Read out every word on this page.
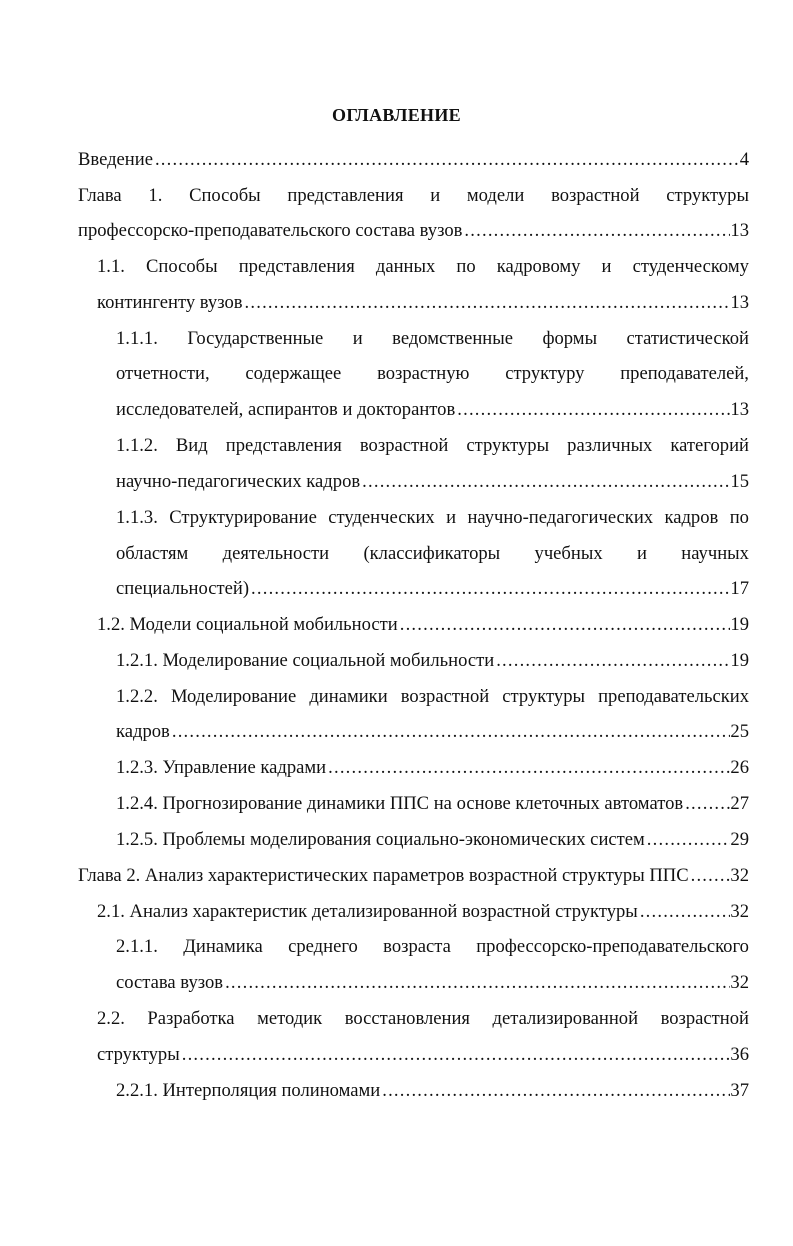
ОГЛАВЛЕНИЕ
Введение .....	4
Глава 1. Способы представления и модели возрастной структуры
профессорско-преподавательского состава вузов .....	13
1.1. Способы представления данных по кадровому и студенческому
контингенту вузов .....	13
1.1.1. Государственные и ведомственные формы статистической
отчетности, содержащее возрастную структуру преподавателей,
исследователей, аспирантов и докторантов .....	13
1.1.2. Вид представления возрастной структуры различных категорий
научно-педагогических кадров .....	15
1.1.3. Структурирование студенческих и научно-педагогических кадров по
областям деятельности (классификаторы учебных и научных
специальностей) .....	17
1.2. Модели социальной мобильности .....	19
1.2.1. Моделирование социальной мобильности .....	19
1.2.2. Моделирование динамики возрастной структуры преподавательских
кадров .....	25
1.2.3. Управление кадрами .....	26
1.2.4. Прогнозирование динамики ППС на основе клеточных автоматов .....	27
1.2.5. Проблемы моделирования социально-экономических систем .....	29
Глава 2. Анализ характеристических параметров возрастной структуры ППС ..... 32
2.1. Анализ характеристик детализированной возрастной структуры .....	32
2.1.1. Динамика среднего возраста профессорско-преподавательского
состава вузов .....	32
2.2. Разработка методик восстановления детализированной возрастной
структуры .....	36
2.2.1. Интерполяция полиномами .....	37
